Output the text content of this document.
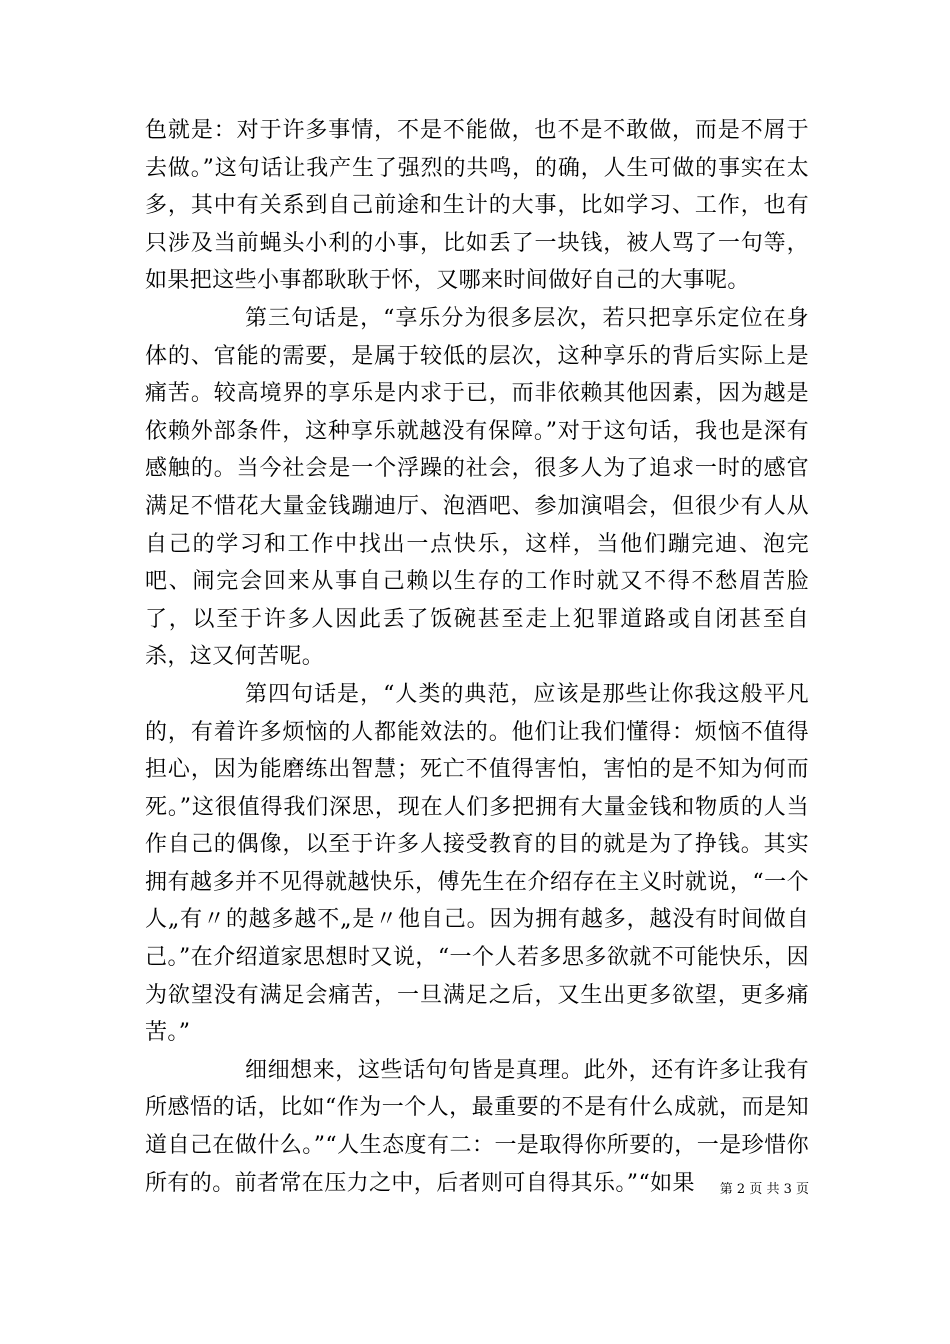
色就是：对于许多事情，不是不能做，也不是不敢做，而是不屑于去做。”这句话让我产生了强烈的共鸣，的确，人生可做的事实在太多，其中有关系到自己前途和生计的大事，比如学习、工作，也有只涉及当前蝇头小利的小事，比如丢了一块钱，被人骂了一句等，如果把这些小事都耿耿于怀，又哪来时间做好自己的大事呢。

第三句话是，“享乐分为很多层次，若只把享乐定位在身体的、官能的需要，是属于较低的层次，这种享乐的背后实际上是痛苦。较高境界的享乐是内求于已，而非依赖其他因素，因为越是依赖外部条件，这种享乐就越没有保障。”对于这句话，我也是深有感触的。当今社会是一个浮躁的社会，很多人为了追求一时的感官满足不惜花大量金钱蹦迪厅、泡酒吧、参加演唱会，但很少有人从自己的学习和工作中找出一点快乐，这样，当他们蹦完迪、泡完吧、闹完会回来从事自己赖以生存的工作时就又不得不愁眉苦脸了，以至于许多人因此丢了饭碗甚至走上犯罪道路或自闭甚至自杀，这又何苦呢。

第四句话是，“人类的典范，应该是那些让你我这般平凡的，有着许多烦恼的人都能效法的。他们让我们懂得：烦恼不值得担心，因为能磨练出智慧；死亡不值得害怕，害怕的是不知为何而死。”这很值得我们深思，现在人们多把拥有大量金钱和物质的人当作自己的偶像，以至于许多人接受教育的目的就是为了挣钱。其实拥有越多并不见得就越快乐，傅先生在介绍存在主义时就说，“一个人„有〃的越多越不„是〃他自己。因为拥有越多，越没有时间做自己。”在介绍道家思想时又说，“一个人若多思多欲就不可能快乐，因为欲望没有满足会痛苦，一旦满足之后，又生出更多欲望，更多痛苦。”

细细想来，这些话句句皆是真理。此外，还有许多让我有所感悟的话，比如“作为一个人，最重要的不是有什么成就，而是知道自己在做什么。”“人生态度有二：一是取得你所要的，一是珍惜你所有的。前者常在压力之中，后者则可自得其乐。”“如果	第 2 页 共 3 页
